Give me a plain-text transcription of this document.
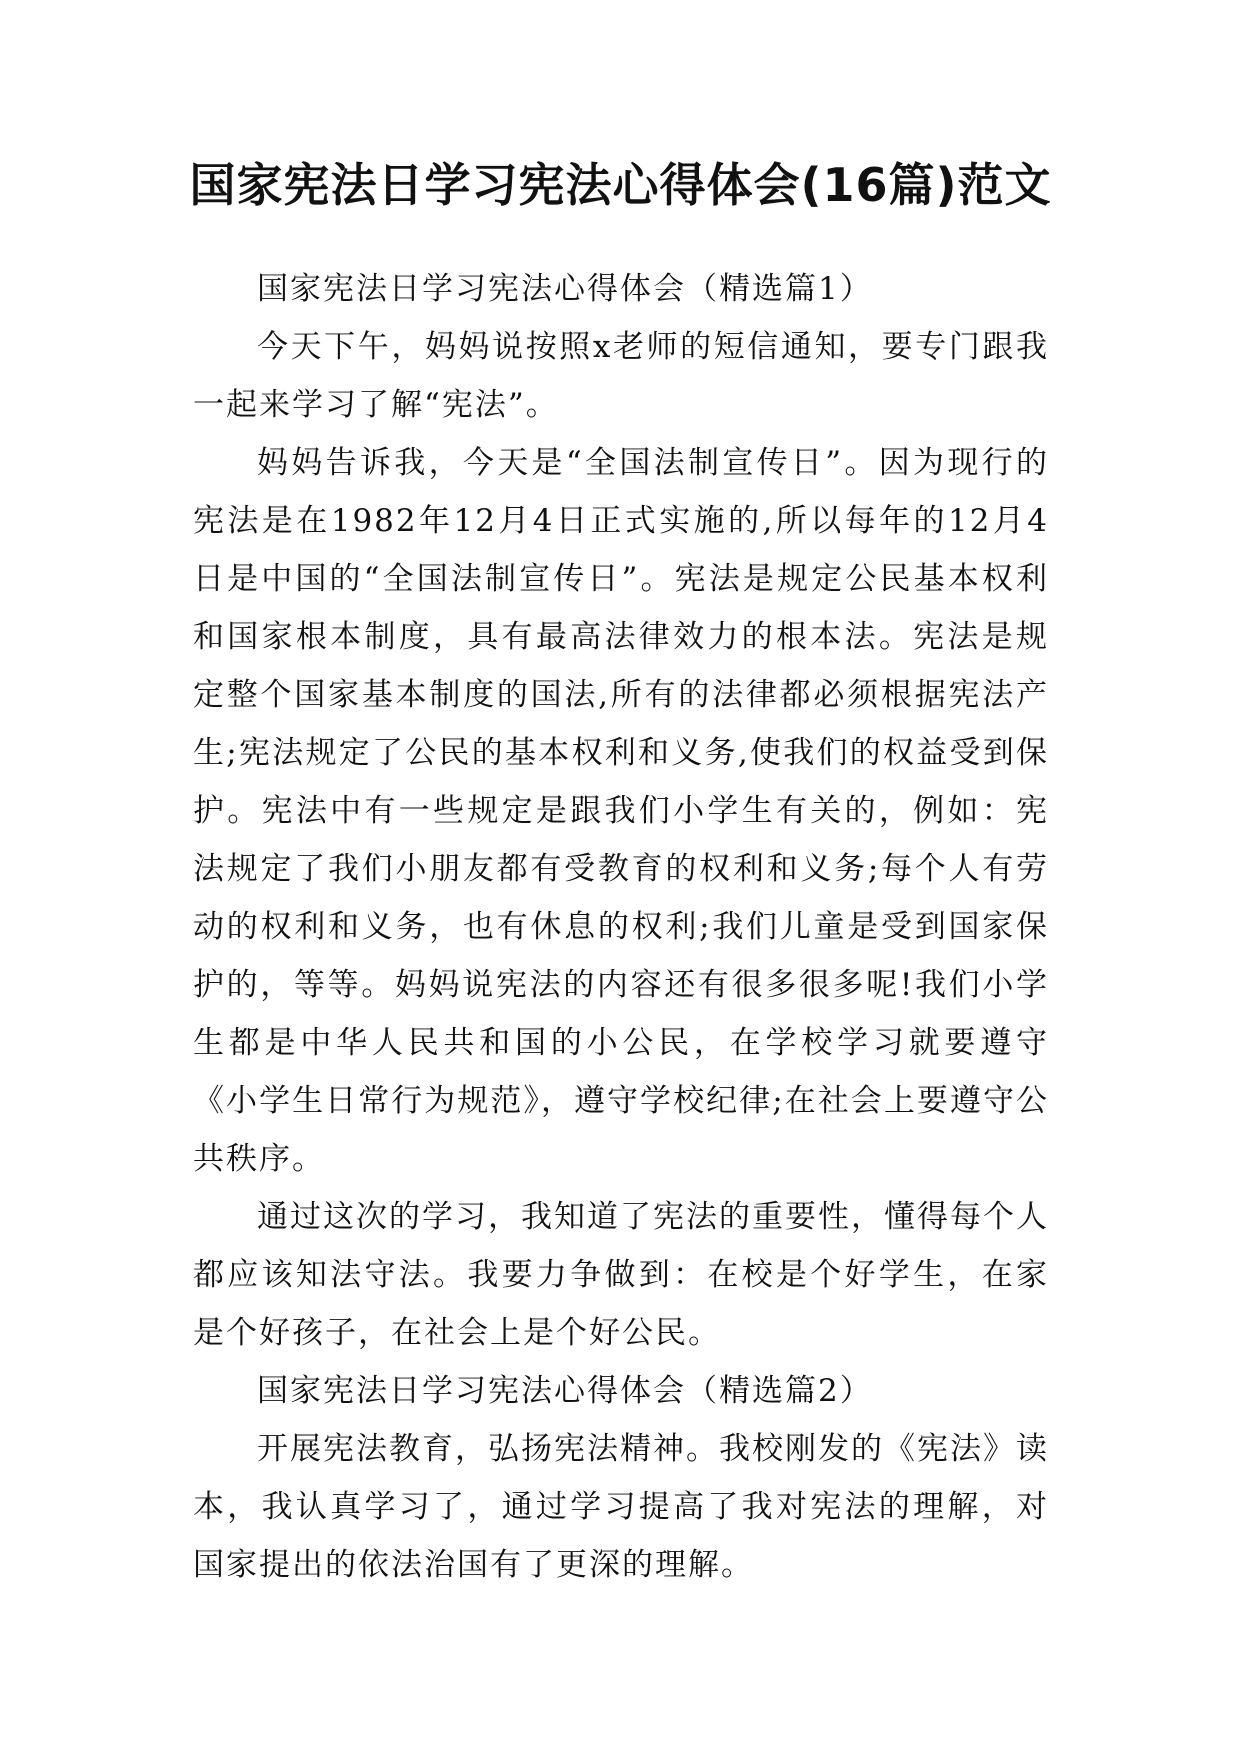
国家宪法日学习宪法心得体会(16篇)范文

国家宪法日学习宪法心得体会（精选篇1）

今天下午，妈妈说按照x老师的短信通知，要专门跟我一起来学习了解“宪法”。

妈妈告诉我，今天是“全国法制宣传日”。因为现行的宪法是在1982年12月4日正式实施的,所以每年的12月4日是中国的“全国法制宣传日”。宪法是规定公民基本权利和国家根本制度，具有最高法律效力的根本法。宪法是规定整个国家基本制度的国法,所有的法律都必须根据宪法产生;宪法规定了公民的基本权利和义务,使我们的权益受到保护。宪法中有一些规定是跟我们小学生有关的，例如：宪法规定了我们小朋友都有受教育的权利和义务;每个人有劳动的权利和义务，也有休息的权利;我们儿童是受到国家保护的，等等。妈妈说宪法的内容还有很多很多呢!我们小学生都是中华人民共和国的小公民，在学校学习就要遵守《小学生日常行为规范》，遵守学校纪律;在社会上要遵守公共秩序。

通过这次的学习，我知道了宪法的重要性，懂得每个人都应该知法守法。我要力争做到：在校是个好学生，在家是个好孩子，在社会上是个好公民。

国家宪法日学习宪法心得体会（精选篇2）

开展宪法教育，弘扬宪法精神。我校刚发的《宪法》读本，我认真学习了，通过学习提高了我对宪法的理解，对国家提出的依法治国有了更深的理解。
